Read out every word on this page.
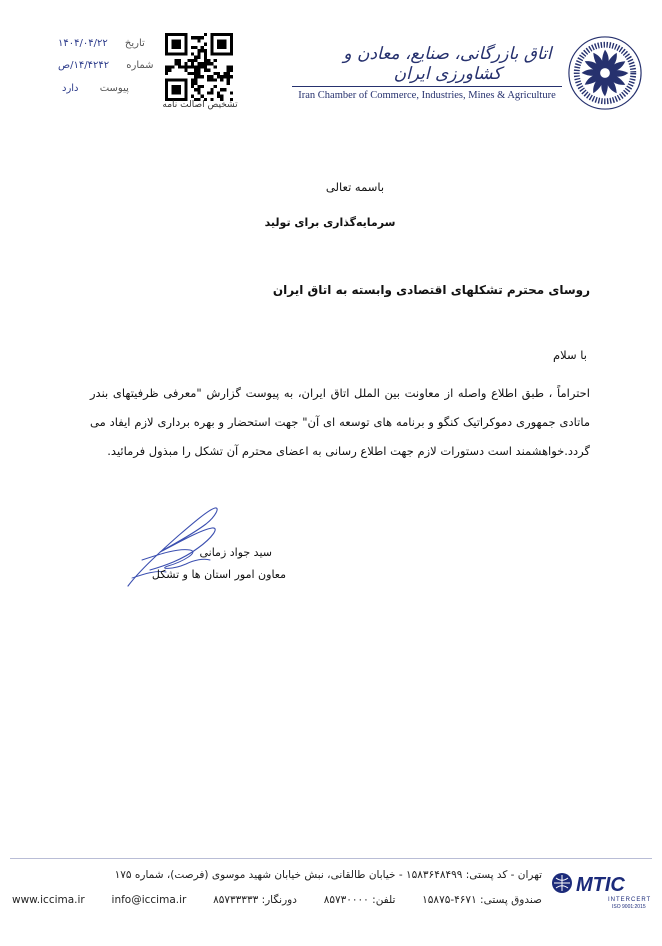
تاریخ ۱۴۰۴/۰۴/۲۲
شماره ۱۴/۴۲۴۲/ص
پیوست دارد
تشخیص اصالت نامه
اتاق بازرگانی، صنایع، معادن و کشاورزی ایران
Iran Chamber of Commerce, Industries, Mines & Agriculture
باسمه تعالی
سرمایه‌گذاری برای تولید
روسای محترم تشکلهای اقتصادی وابسته به اتاق ایران
با سلام
احتراماً ، طبق اطلاع واصله از معاونت بین الملل اتاق ایران، به پیوست گزارش "معرفی ظرفیتهای بندر
ماتادی جمهوری دموکراتیک کنگو و برنامه های توسعه ای آن" جهت استحضار و بهره برداری لازم ایفاد می
گردد.خواهشمند است دستورات لازم جهت اطلاع رسانی به اعضای محترم آن تشکل را مبذول فرمائید.
سید جواد زمانی
معاون امور استان ها و تشکل
تهران - کد پستی: ۱۵۸۳۶۴۸۴۹۹ - خیابان طالقانی، نبش خیابان شهید موسوی (فرصت)، شماره ۱۷۵
www.iccima.ir	info@iccima.ir	دورنگار: ۸۵۷۳۳۳۳۳	تلفن: ۸۵۷۳۰۰۰۰	صندوق پستی: ۴۶۷۱-۱۵۸۷۵
MTIC
INTERCERT
ISO 9001:2015
